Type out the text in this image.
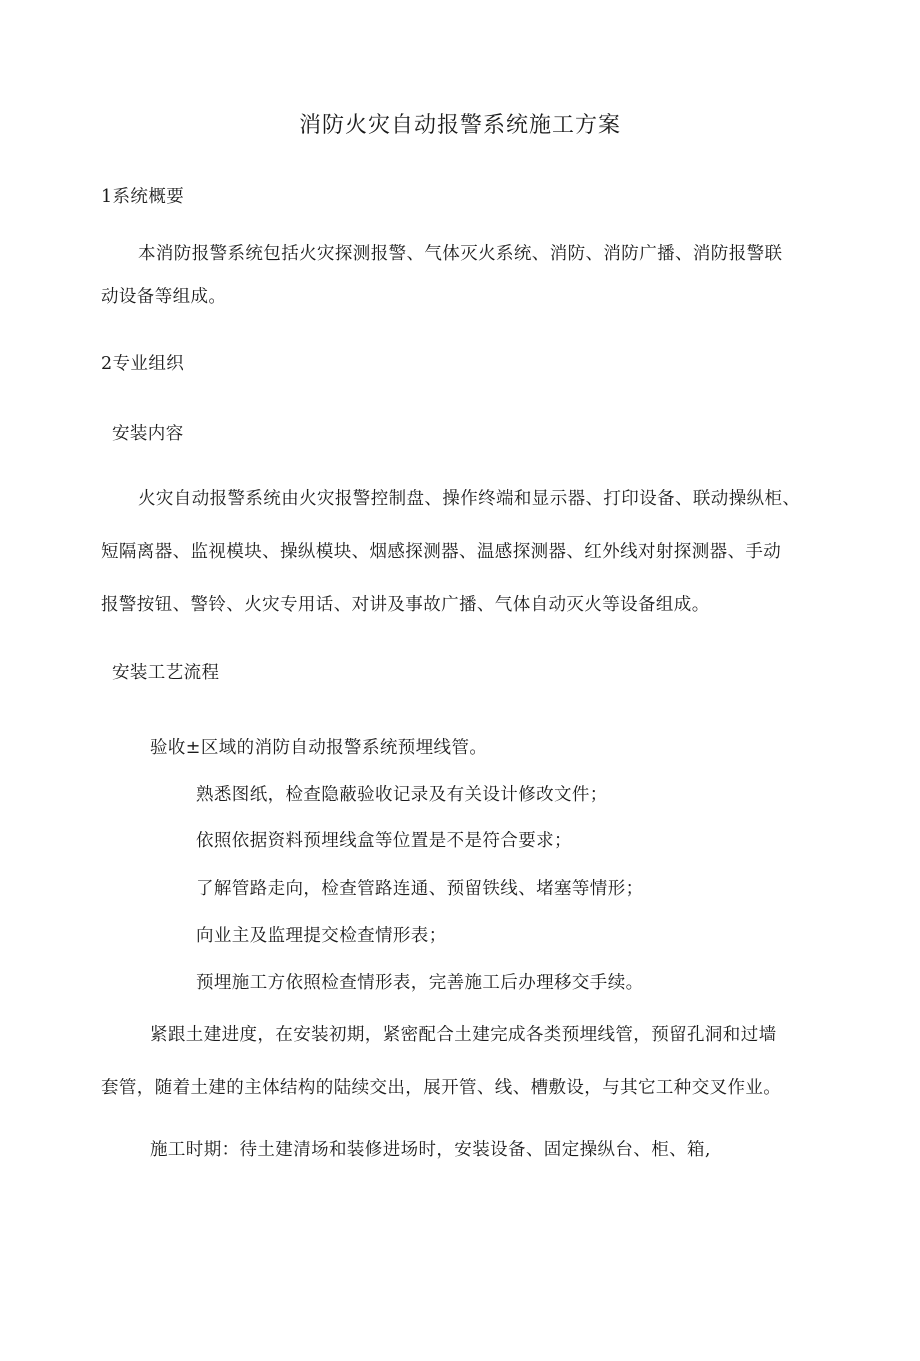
消防火灾自动报警系统施工方案
1系统概要
本消防报警系统包括火灾探测报警、气体灭火系统、消防、消防广播、消防报警联
动设备等组成。
2专业组织
安装内容
火灾自动报警系统由火灾报警控制盘、操作终端和显示器、打印设备、联动操纵柜、
短隔离器、监视模块、操纵模块、烟感探测器、温感探测器、红外线对射探测器、手动
报警按钮、警铃、火灾专用话、对讲及事故广播、气体自动灭火等设备组成。
安装工艺流程
验收±区域的消防自动报警系统预埋线管。
熟悉图纸，检查隐蔽验收记录及有关设计修改文件；
依照依据资料预埋线盒等位置是不是符合要求；
了解管路走向，检查管路连通、预留铁线、堵塞等情形；
向业主及监理提交检查情形表；
预埋施工方依照检查情形表，完善施工后办理移交手续。
紧跟土建进度，在安装初期，紧密配合土建完成各类预埋线管，预留孔洞和过墙
套管，随着土建的主体结构的陆续交出，展开管、线、槽敷设，与其它工种交叉作业。
施工时期：待土建清场和装修进场时，安装设备、固定操纵台、柜、箱,
